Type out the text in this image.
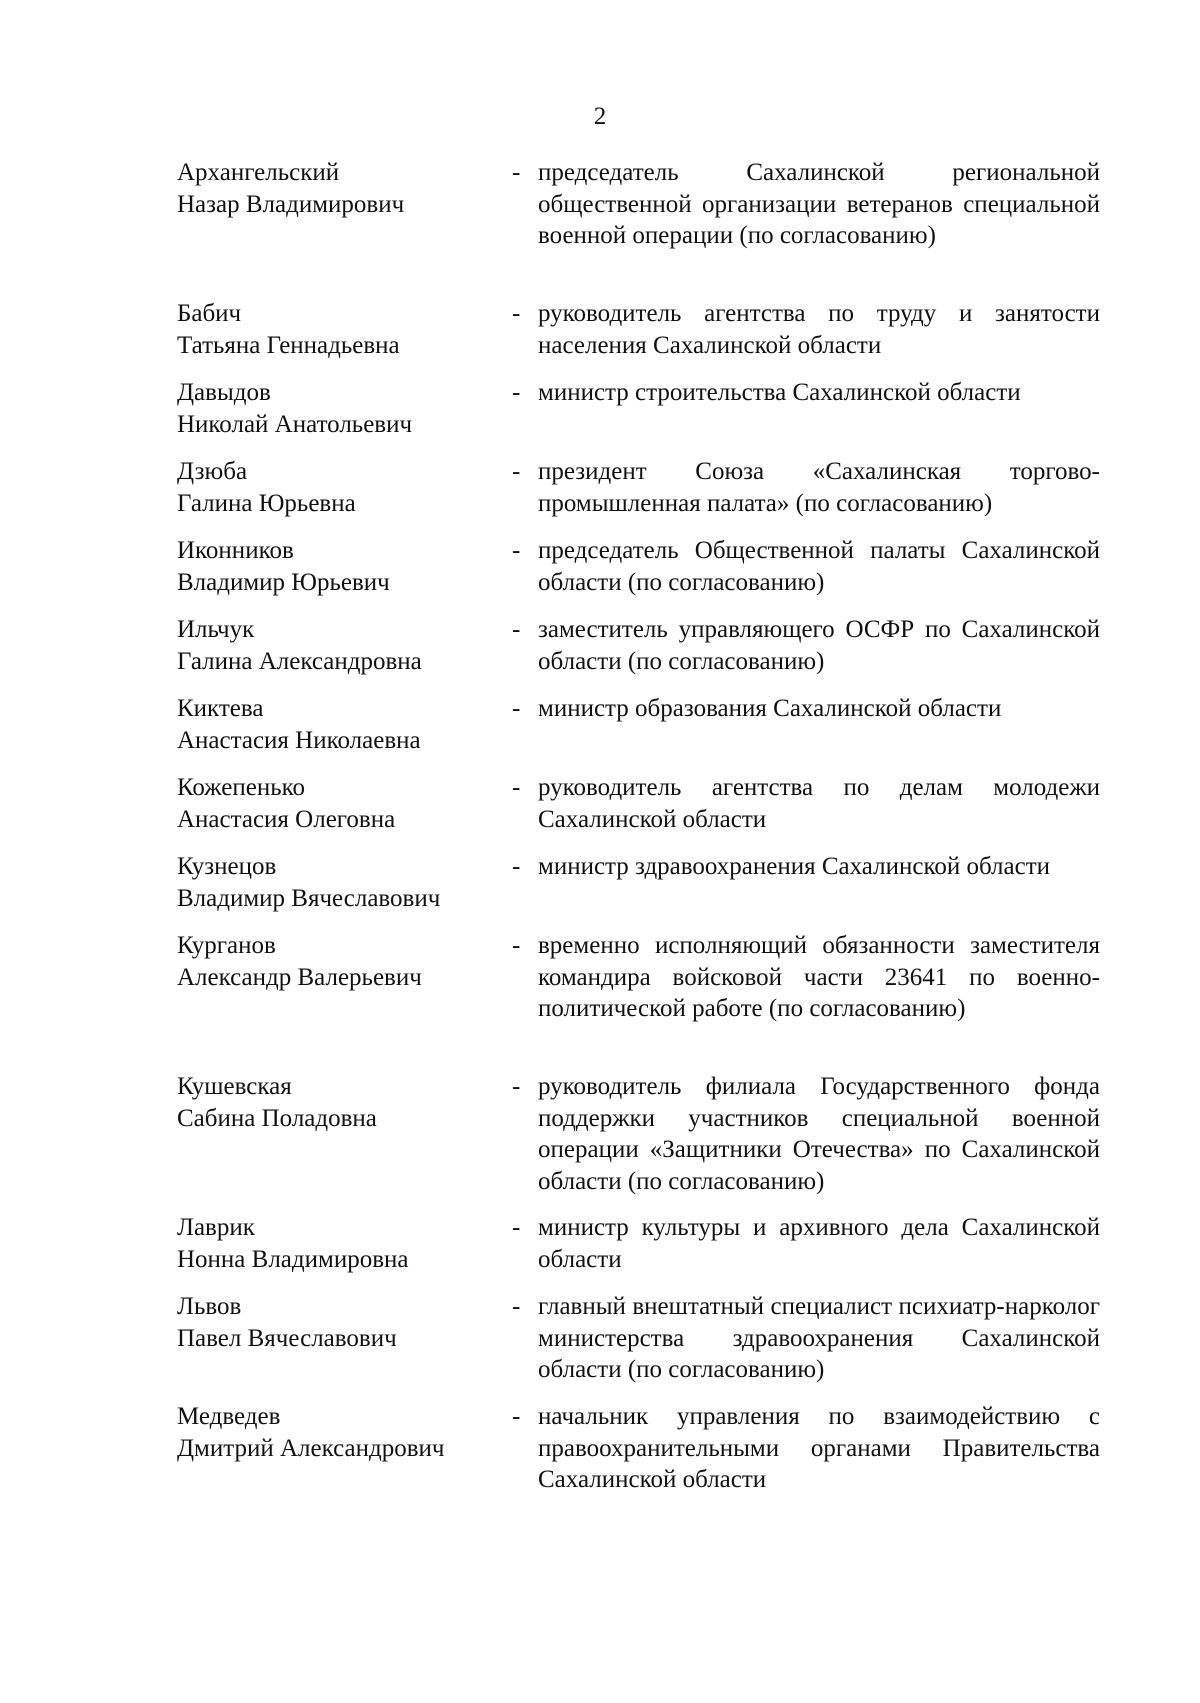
2
Архангельский
Назар Владимирович
- председатель Сахалинской региональной общественной организации ветеранов специальной военной операции (по согласованию)
Бабич
Татьяна Геннадьевна
- руководитель агентства по труду и занятости населения Сахалинской области
Давыдов
Николай Анатольевич
- министр строительства Сахалинской области
Дзюба
Галина Юрьевна
- президент Союза «Сахалинская торгово-промышленная палата» (по согласованию)
Иконников
Владимир Юрьевич
- председатель Общественной палаты Сахалинской области (по согласованию)
Ильчук
Галина Александровна
- заместитель управляющего ОСФР по Сахалинской области (по согласованию)
Киктева
Анастасия Николаевна
- министр образования Сахалинской области
Кожепенько
Анастасия Олеговна
- руководитель агентства по делам молодежи Сахалинской области
Кузнецов
Владимир Вячеславович
- министр здравоохранения Сахалинской области
Курганов
Александр Валерьевич
- временно исполняющий обязанности заместителя командира войсковой части 23641 по военно-политической работе (по согласованию)
Кушевская
Сабина Поладовна
- руководитель филиала Государственного фонда поддержки участников специальной военной операции «Защитники Отечества» по Сахалинской области (по согласованию)
Лаврик
Нонна Владимировна
- министр культуры и архивного дела Сахалинской области
Львов
Павел Вячеславович
- главный внештатный специалист психиатр-нарколог министерства здравоохранения Сахалинской области (по согласованию)
Медведев
Дмитрий Александрович
- начальник управления по взаимодействию с правоохранительными органами Правительства Сахалинской области
